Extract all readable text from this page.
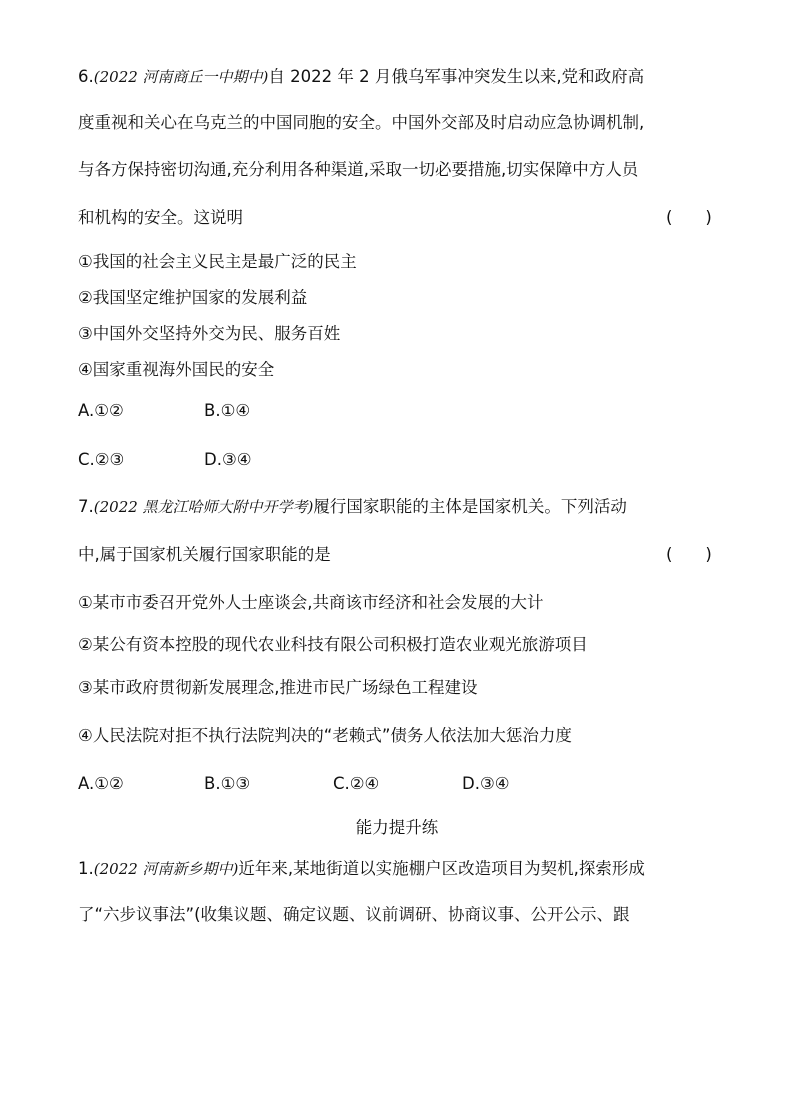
6.(2022 河南商丘一中期中)自 2022 年 2 月俄乌军事冲突发生以来,党和政府高
度重视和关心在乌克兰的中国同胞的安全。中国外交部及时启动应急协调机制,
与各方保持密切沟通,充分利用各种渠道,采取一切必要措施,切实保障中方人员
和机构的安全。这说明	(　　)
①我国的社会主义民主是最广泛的民主
②我国坚定维护国家的发展利益
③中国外交坚持外交为民、服务百姓
④国家重视海外国民的安全
A.①②	B.①④
C.②③	D.③④
7.(2022 黑龙江哈师大附中开学考)履行国家职能的主体是国家机关。下列活动
中,属于国家机关履行国家职能的是	(　　)
①某市市委召开党外人士座谈会,共商该市经济和社会发展的大计
②某公有资本控股的现代农业科技有限公司积极打造农业观光旅游项目
③某市政府贯彻新发展理念,推进市民广场绿色工程建设
④人民法院对拒不执行法院判决的“老赖式”债务人依法加大惩治力度
A.①②	B.①③	C.②④	D.③④
能力提升练
1.(2022 河南新乡期中)近年来,某地街道以实施棚户区改造项目为契机,探索形成
了“六步议事法”(收集议题、确定议题、议前调研、协商议事、公开公示、跟
